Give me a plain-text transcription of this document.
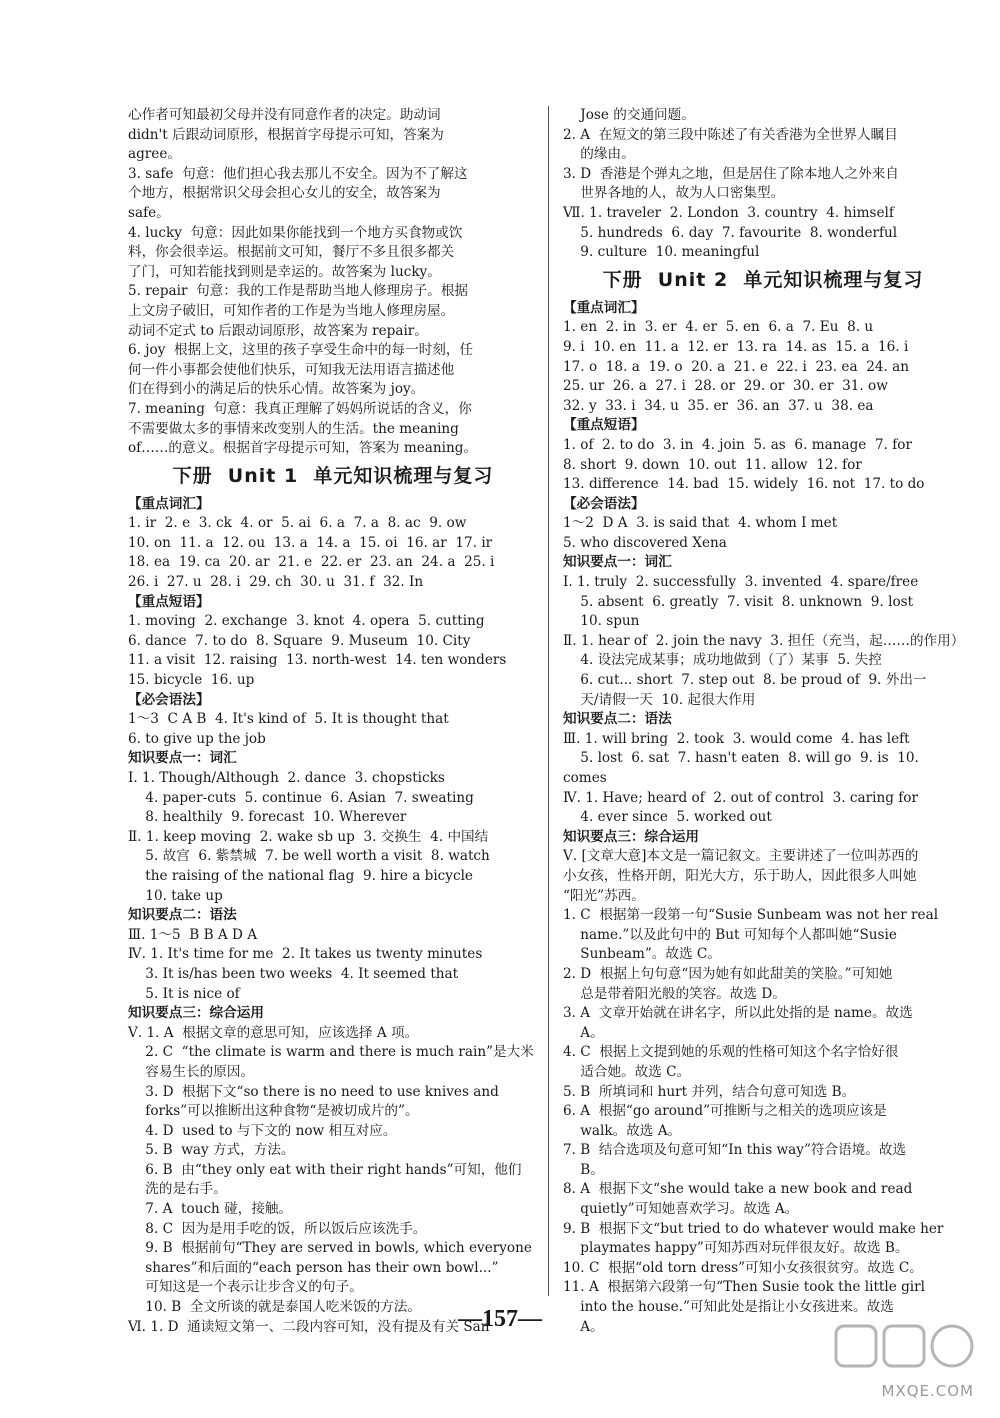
心作者可知最初父母并没有同意作者的决定。助动词
didn't 后跟动词原形，根据首字母提示可知，答案为
agree。
3. safe  句意：他们担心我去那儿不安全。因为不了解这
个地方，根据常识父母会担心女儿的安全，故答案为
safe。
4. lucky  句意：因此如果你能找到一个地方买食物或饮
料，你会很幸运。根据前文可知，餐厅不多且很多都关
了门，可知若能找到则是幸运的。故答案为 lucky。
5. repair  句意：我的工作是帮助当地人修理房子。根据
上文房子破旧，可知作者的工作是为当地人修理房屋。
动词不定式 to 后跟动词原形，故答案为 repair。
6. joy  根据上文，这里的孩子享受生命中的每一时刻，任
何一件小事都会使他们快乐，可知我无法用语言描述他
们在得到小的满足后的快乐心情。故答案为 joy。
7. meaning  句意：我真正理解了妈妈所说话的含义，你
不需要做太多的事情来改变别人的生活。the meaning
of……的意义。根据首字母提示可知，答案为 meaning。
下册  Unit 1  单元知识梳理与复习
【重点词汇】
1. ir  2. e  3. ck  4. or  5. ai  6. a  7. a  8. ac  9. ow
10. on  11. a  12. ou  13. a  14. a  15. oi  16. ar  17. ir
18. ea  19. ca  20. ar  21. e  22. er  23. an  24. a  25. i
26. i  27. u  28. i  29. ch  30. u  31. f  32. In
【重点短语】
1. moving  2. exchange  3. knot  4. opera  5. cutting
6. dance  7. to do  8. Square  9. Museum  10. City
11. a visit  12. raising  13. north-west  14. ten wonders
15. bicycle  16. up
【必会语法】
1～3  C A B  4. It's kind of  5. It is thought that
6. to give up the job
知识要点一：词汇
Ⅰ. 1. Though/Although  2. dance  3. chopsticks
4. paper-cuts  5. continue  6. Asian  7. sweating
8. healthily  9. forecast  10. Wherever
Ⅱ. 1. keep moving  2. wake sb up  3. 交换生  4. 中国结
5. 故宫  6. 紫禁城  7. be well worth a visit  8. watch
the raising of the national flag  9. hire a bicycle
10. take up
知识要点二：语法
Ⅲ. 1～5  B B A D A
Ⅳ. 1. It's time for me  2. It takes us twenty minutes
3. It is/has been two weeks  4. It seemed that
5. It is nice of
知识要点三：综合运用
Ⅴ. 1. A  根据文章的意思可知，应该选择 A 项。
2. C  “the climate is warm and there is much rain”是大米
容易生长的原因。
3. D  根据下文“so there is no need to use knives and
forks”可以推断出这种食物“是被切成片的”。
4. D  used to 与下文的 now 相互对应。
5. B  way 方式，方法。
6. B  由“they only eat with their right hands”可知，他们
洗的是右手。
7. A  touch 碰，接触。
8. C  因为是用手吃的饭，所以饭后应该洗手。
9. B  根据前句“They are served in bowls, which everyone
shares”和后面的“each person has their own bowl...”
可知这是一个表示让步含义的句子。
10. B  全文所谈的就是泰国人吃米饭的方法。
Ⅵ. 1. D  通读短文第一、二段内容可知，没有提及有关 San
Jose 的交通问题。
2. A  在短文的第三段中陈述了有关香港为全世界人瞩目
的缘由。
3. D  香港是个弹丸之地，但是居住了除本地人之外来自
世界各地的人，故为人口密集型。
Ⅶ. 1. traveler  2. London  3. country  4. himself
5. hundreds  6. day  7. favourite  8. wonderful
9. culture  10. meaningful
下册  Unit 2  单元知识梳理与复习
【重点词汇】
1. en  2. in  3. er  4. er  5. en  6. a  7. Eu  8. u
9. i  10. en  11. a  12. er  13. ra  14. as  15. a  16. i
17. o  18. a  19. o  20. a  21. e  22. i  23. ea  24. an
25. ur  26. a  27. i  28. or  29. or  30. er  31. ow
32. y  33. i  34. u  35. er  36. an  37. u  38. ea
【重点短语】
1. of  2. to do  3. in  4. join  5. as  6. manage  7. for
8. short  9. down  10. out  11. allow  12. for
13. difference  14. bad  15. widely  16. not  17. to do
【必会语法】
1～2  D A  3. is said that  4. whom I met
5. who discovered Xena
知识要点一：词汇
Ⅰ. 1. truly  2. successfully  3. invented  4. spare/free
5. absent  6. greatly  7. visit  8. unknown  9. lost
10. spun
Ⅱ. 1. hear of  2. join the navy  3. 担任（充当，起……的作用）
4. 设法完成某事；成功地做到（了）某事  5. 失控
6. cut... short  7. step out  8. be proud of  9. 外出一
天/请假一天  10. 起很大作用
知识要点二：语法
Ⅲ. 1. will bring  2. took  3. would come  4. has left
5. lost  6. sat  7. hasn't eaten  8. will go  9. is  10. comes
Ⅳ. 1. Have; heard of  2. out of control  3. caring for
4. ever since  5. worked out
知识要点三：综合运用
Ⅴ. [文章大意]本文是一篇记叙文。主要讲述了一位叫苏西的
小女孩，性格开朗，阳光大方，乐于助人，因此很多人叫她
“阳光”苏西。
1. C  根据第一段第一句“Susie Sunbeam was not her real
name.”以及此句中的 But 可知每个人都叫她“Susie
Sunbeam”。故选 C。
2. D  根据上句句意“因为她有如此甜美的笑脸。”可知她
总是带着阳光般的笑容。故选 D。
3. A  文章开始就在讲名字，所以此处指的是 name。故选
A。
4. C  根据上文提到她的乐观的性格可知这个名字恰好很
适合她。故选 C。
5. B  所填词和 hurt 并列，结合句意可知选 B。
6. A  根据“go around”可推断与之相关的选项应该是
walk。故选 A。
7. B  结合选项及句意可知“In this way”符合语境。故选
B。
8. A  根据下文“she would take a new book and read
quietly”可知她喜欢学习。故选 A。
9. B  根据下文“but tried to do whatever would make her
playmates happy”可知苏西对玩伴很友好。故选 B。
10. C  根据“old torn dress”可知小女孩很贫穷。故选 C。
11. A  根据第六段第一句“Then Susie took the little girl
into the house.”可知此处是指让小女孩进来。故选
A。
—157—
MXQE.COM
